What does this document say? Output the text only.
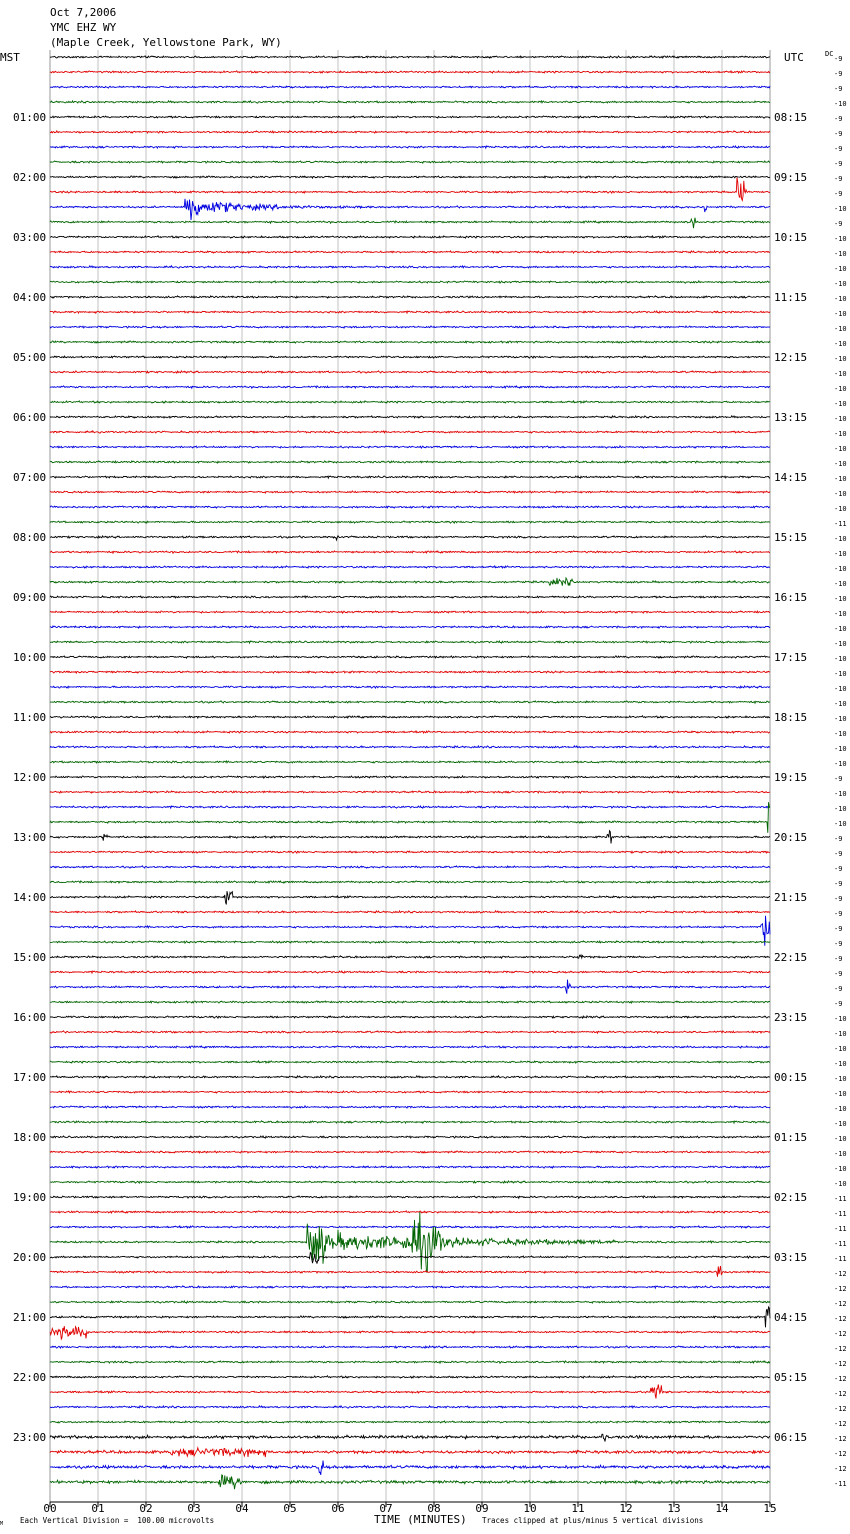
Oct 7,2006
YMC EHZ WY
(Maple Creek, Yellowstone Park, WY)
MST	UTC	DC
01:00
02:00
03:00
04:00
05:00
06:00
07:00
08:00
09:00
10:00
11:00
12:00
13:00
14:00
15:00
16:00
17:00
18:00
19:00
20:00
21:00
22:00
23:00
08:15
09:15
10:15
11:15
12:15
13:15
14:15
15:15
16:15
17:15
18:15
19:15
20:15
21:15
22:15
23:15
00:15
01:15
02:15
03:15
04:15
05:15
06:15
-9
-9
-9
-10
-9
-9
-9
-9
-9
-9
-10
-9
-10
-10
-10
-10
-10
-10
-10
-10
-10
-10
-10
-10
-10
-10
-10
-10
-10
-10
-10
-11
-10
-10
-10
-10
-10
-10
-10
-10
-10
-10
-10
-10
-10
-10
-10
-10
-9
-10
-10
-10
-9
-9
-9
-9
-9
-9
-9
-9
-9
-9
-9
-9
-10
-10
-10
-10
-10
-10
-10
-10
-10
-10
-10
-10
-11
-11
-11
-11
-11
-12
-12
-12
-12
-12
-12
-12
-12
-12
-12
-12
-12
-12
-12
-11
00	01	02	03	04	05	06	07	08	09	10	11	12	13	14	15
M Each Vertical Division =  100.00 microvolts	TIME (MINUTES) Traces clipped at plus/minus 5 vertical divisions
